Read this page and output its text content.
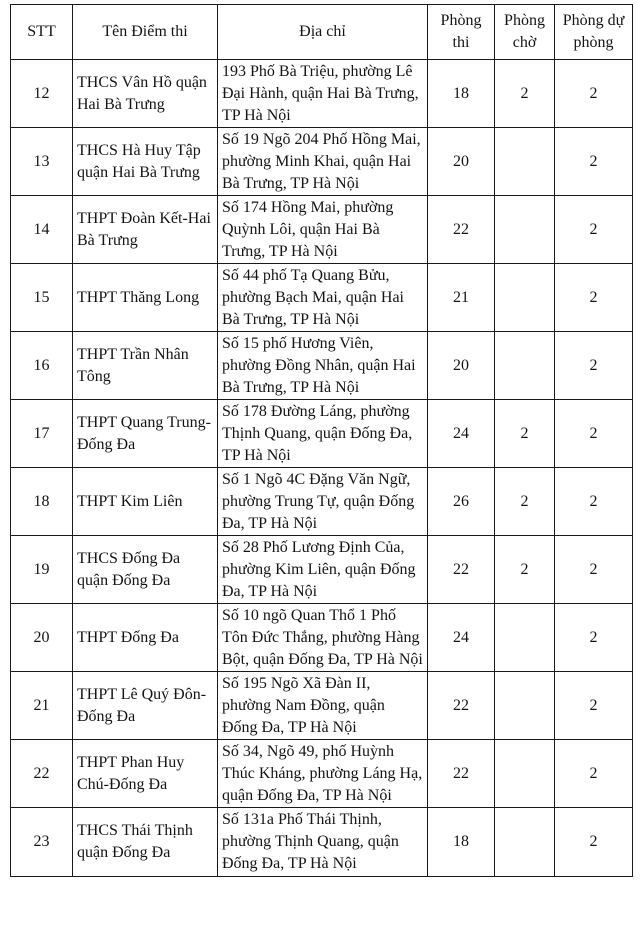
STT	Tên Điểm thi	Địa chỉ	Phòng thi	Phòng chờ	Phòng dự phòng
12	THCS Vân Hồ quận Hai Bà Trưng	193 Phố Bà Triệu, phường Lê Đại Hành, quận Hai Bà Trưng, TP Hà Nội	18	2	2
13	THCS Hà Huy Tập quận Hai Bà Trưng	Số 19 Ngõ 204 Phố Hồng Mai, phường Minh Khai, quận Hai Bà Trưng, TP Hà Nội	20		2
14	THPT Đoàn Kết-Hai Bà Trưng	Số 174 Hồng Mai, phường Quỳnh Lôi, quận Hai Bà Trưng, TP Hà Nội	22		2
15	THPT Thăng Long	Số 44 phố Tạ Quang Bửu, phường Bạch Mai, quận Hai Bà Trưng, TP Hà Nội	21		2
16	THPT Trần Nhân Tông	Số 15 phố Hương Viên, phường Đồng Nhân, quận Hai Bà Trưng, TP Hà Nội	20		2
17	THPT Quang Trung-Đống Đa	Số 178 Đường Láng, phường Thịnh Quang, quận Đống Đa, TP Hà Nội	24	2	2
18	THPT Kim Liên	Số 1 Ngõ 4C Đặng Văn Ngữ, phường Trung Tự, quận Đống Đa, TP Hà Nội	26	2	2
19	THCS Đống Đa quận Đống Đa	Số 28 Phố Lương Định Của, phường Kim Liên, quận Đống Đa, TP Hà Nội	22	2	2
20	THPT Đống Đa	Số 10 ngõ Quan Thổ 1 Phố Tôn Đức Thắng, phường Hàng Bột, quận Đống Đa, TP Hà Nội	24		2
21	THPT Lê Quý Đôn-Đống Đa	Số 195 Ngõ Xã Đàn II, phường Nam Đồng, quận Đống Đa, TP Hà Nội	22		2
22	THPT Phan Huy Chú-Đống Đa	Số 34, Ngõ 49, phố Huỳnh Thúc Kháng, phường Láng Hạ, quận Đống Đa, TP Hà Nội	22		2
23	THCS Thái Thịnh quận Đống Đa	Số 131a Phố Thái Thịnh, phường Thịnh Quang, quận Đống Đa, TP Hà Nội	18		2
